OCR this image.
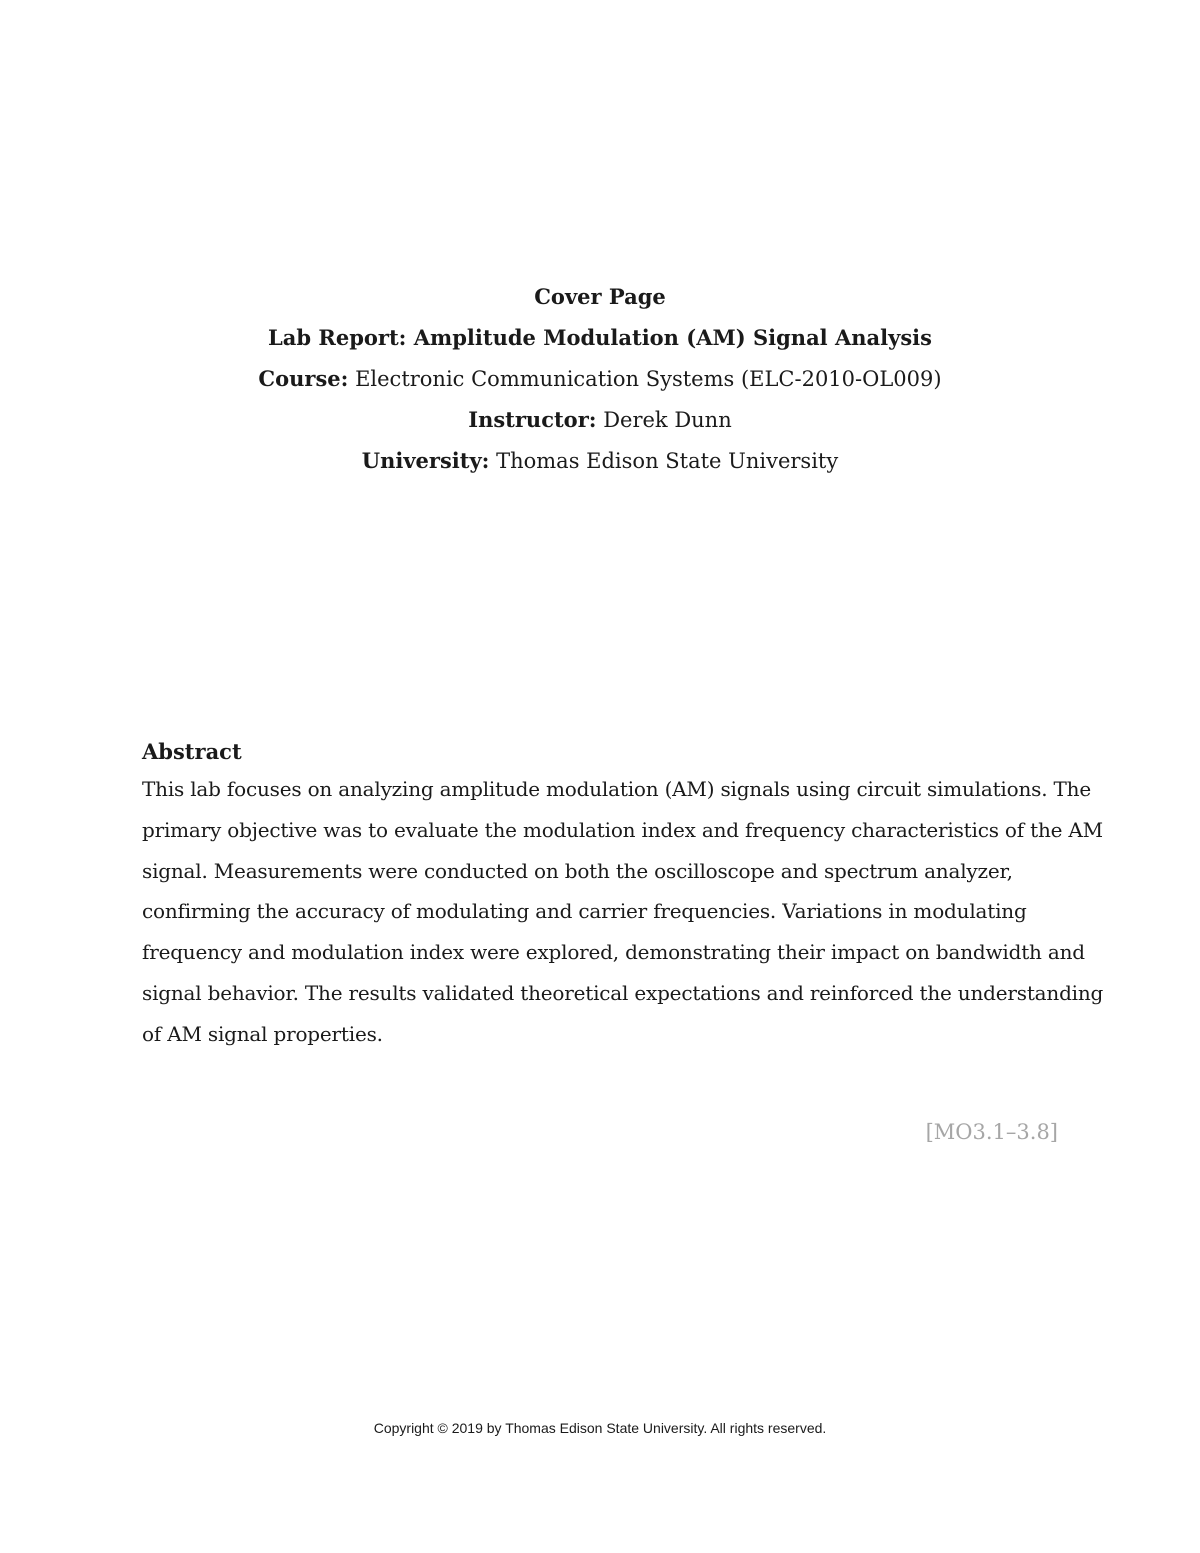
Cover Page
Lab Report: Amplitude Modulation (AM) Signal Analysis
Course: Electronic Communication Systems (ELC-2010-OL009)
Instructor: Derek Dunn
University: Thomas Edison State University

Abstract

This lab focuses on analyzing amplitude modulation (AM) signals using circuit simulations. The
primary objective was to evaluate the modulation index and frequency characteristics of the AM
signal. Measurements were conducted on both the oscilloscope and spectrum analyzer,
confirming the accuracy of modulating and carrier frequencies. Variations in modulating
frequency and modulation index were explored, demonstrating their impact on bandwidth and
signal behavior. The results validated theoretical expectations and reinforced the understanding
of AM signal properties.

[MO3.1–3.8]
Copyright © 2019 by Thomas Edison State University. All rights reserved.
